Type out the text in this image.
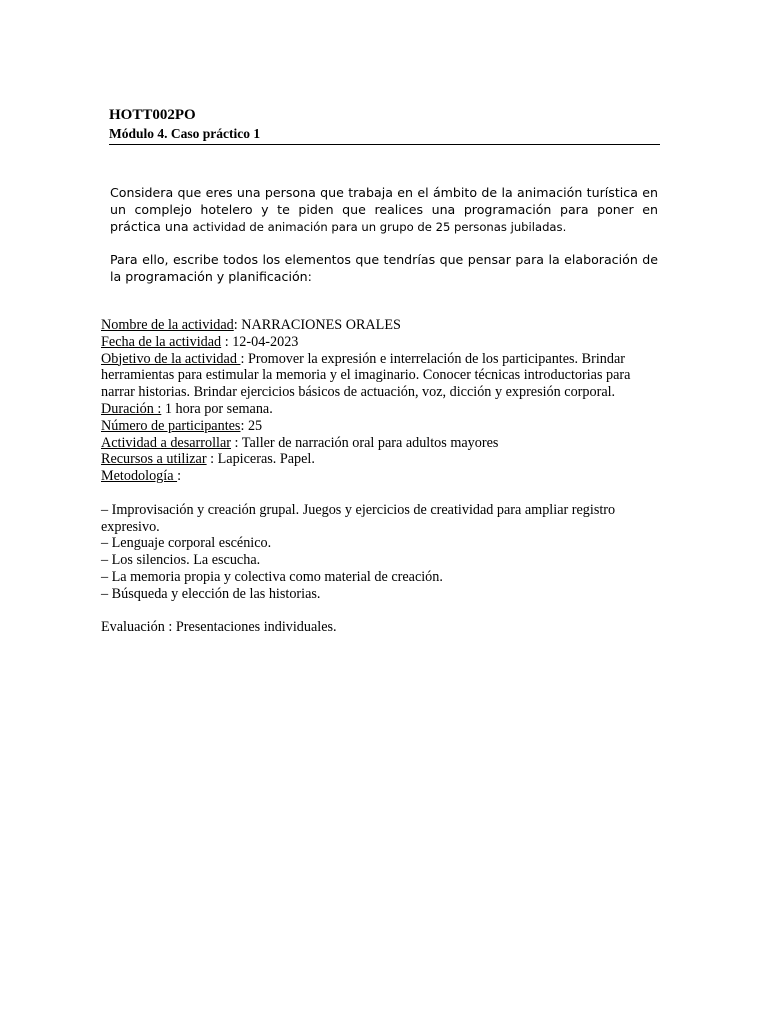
HOTT002PO

Módulo 4. Caso práctico 1

Considera que eres una persona que trabaja en el ámbito de la animación turística en un complejo hotelero y te piden que realices una programación para poner en práctica una actividad de animación para un grupo de 25 personas jubiladas.

Para ello, escribe todos los elementos que tendrías que pensar para la elaboración de la programación y planificación:

Nombre de la actividad: NARRACIONES ORALES

Fecha de la actividad : 12-04-2023

Objetivo de la actividad : Promover la expresión e interrelación de los participantes. Brindar herramientas para estimular la memoria y el imaginario. Conocer técnicas introductorias para narrar historias. Brindar ejercicios básicos de actuación, voz, dicción y expresión corporal.

Duración : 1 hora por semana.

Número de participantes: 25

Actividad a desarrollar : Taller de narración oral para adultos mayores

Recursos a utilizar : Lapiceras. Papel.

Metodología :

– Improvisación y creación grupal. Juegos y ejercicios de creatividad para ampliar registro expresivo.

– Lenguaje corporal escénico.

– Los silencios. La escucha.

– La memoria propia y colectiva como material de creación.

– Búsqueda y elección de las historias.

Evaluación : Presentaciones individuales.
